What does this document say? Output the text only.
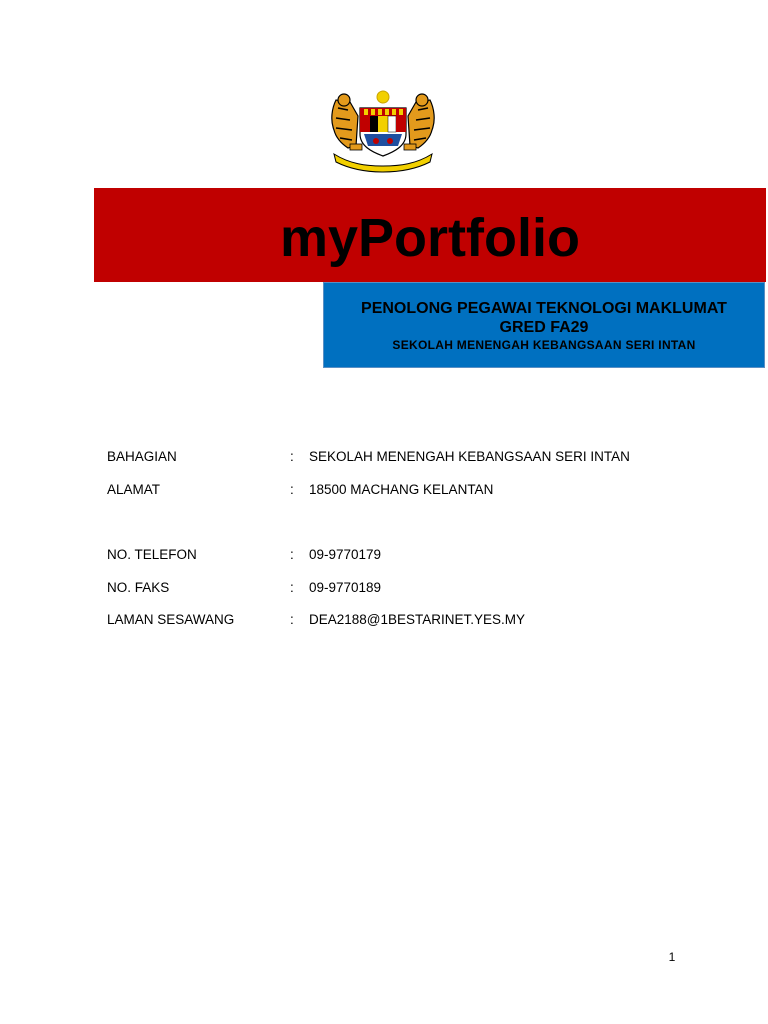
myPortfolio
PENOLONG PEGAWAI TEKNOLOGI MAKLUMAT
GRED FA29
SEKOLAH MENENGAH KEBANGSAAN SERI INTAN
BAHAGIAN	: SEKOLAH MENENGAH KEBANGSAAN SERI INTAN
ALAMAT	: 18500 MACHANG KELANTAN
NO. TELEFON	: 09-9770179
NO. FAKS	: 09-9770189
LAMAN SESAWANG	: DEA2188@1BESTARINET.YES.MY
1
